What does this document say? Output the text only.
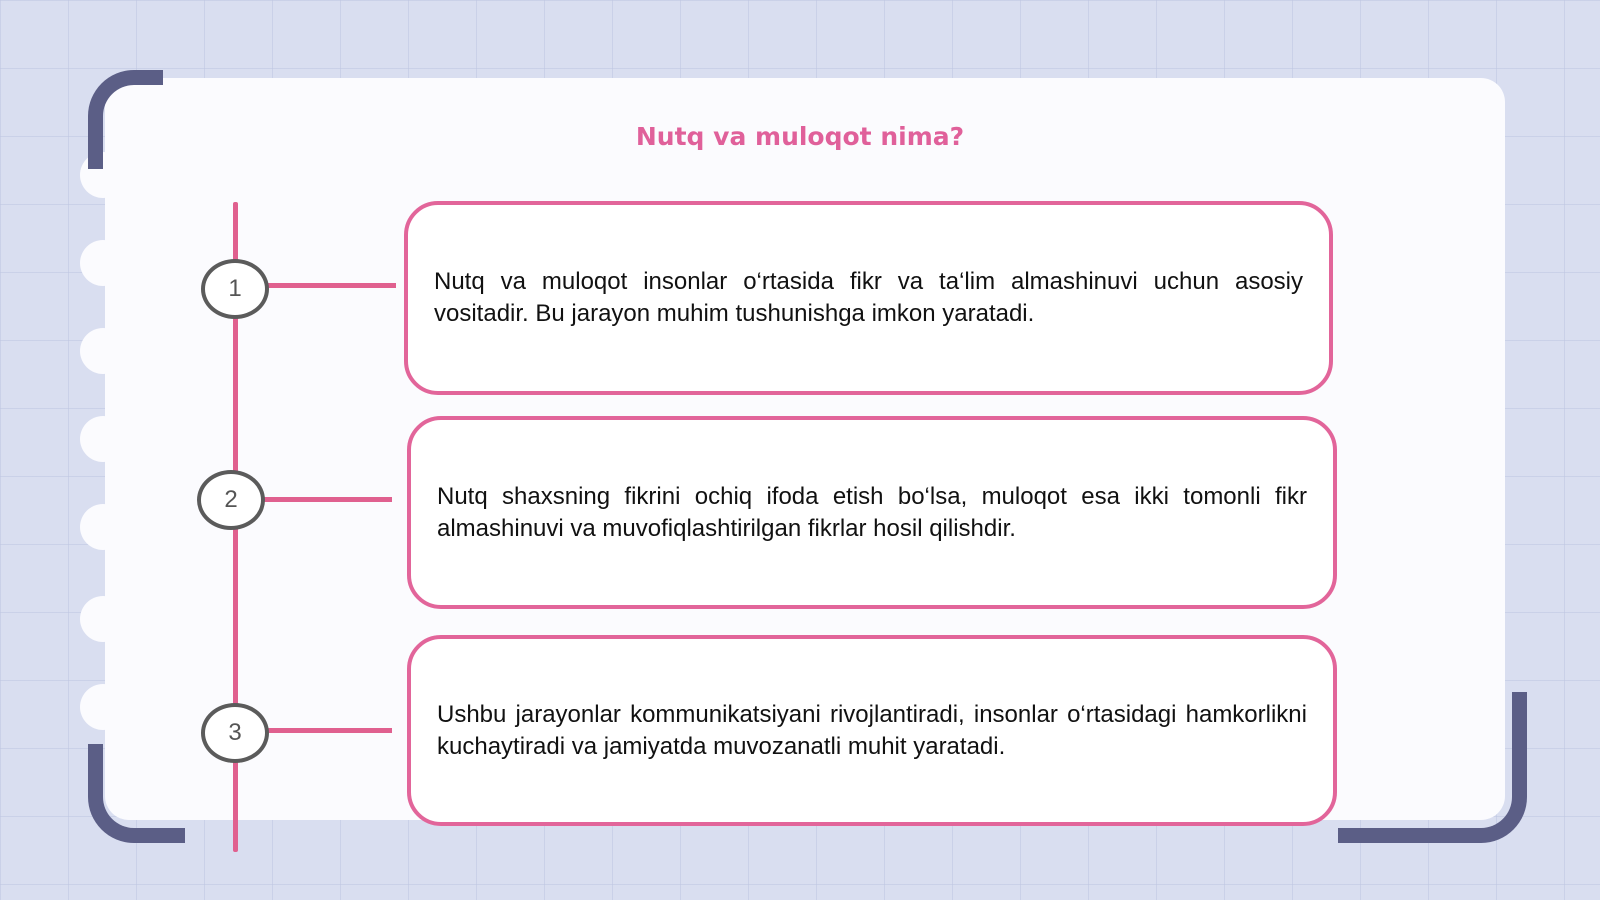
Nutq va muloqot nima?
1	Nutq va muloqot insonlar o‘rtasida fikr va ta‘lim almashinuvi uchun asosiy vositadir. Bu jarayon muhim tushunishga imkon yaratadi.
2	Nutq shaxsning fikrini ochiq ifoda etish bo‘lsa, muloqot esa ikki tomonli fikr almashinuvi va muvofiqlashtirilgan fikrlar hosil qilishdir.
3
Ushbu jarayonlar kommunikatsiyani rivojlantiradi, insonlar o‘rtasidagi hamkorlikni kuchaytiradi va jamiyatda muvozanatli muhit yaratadi.
